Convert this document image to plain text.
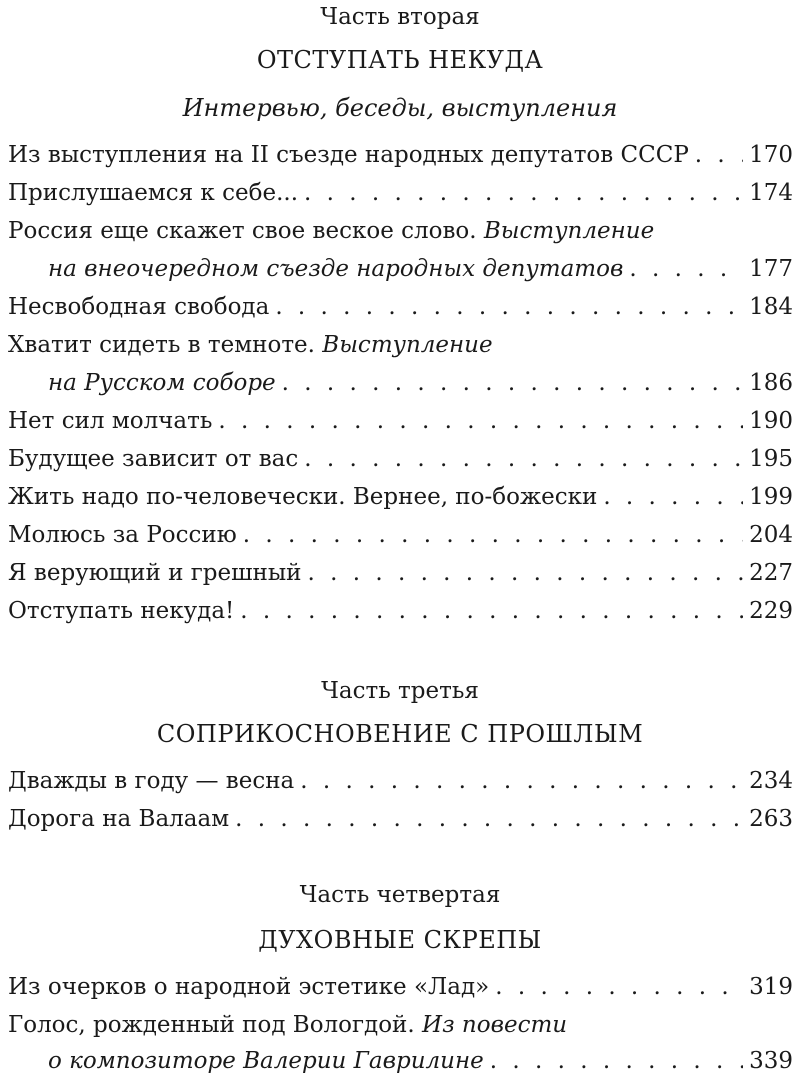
Часть вторая
ОТСТУПАТЬ НЕКУДА
Интервью, беседы, выступления
Из выступления на II съезде народных депутатов СССР . . .	170
Прислушаемся к себе... . . .	174
Россия еще скажет свое веское слово. Выступление
на внеочередном съезде народных депутатов . . .	177
Несвободная свобода . . .	184
Хватит сидеть в темноте. Выступление
на Русском соборе . . .	186
Нет сил молчать . . .	190
Будущее зависит от вас . . .	195
Жить надо по-человечески. Вернее, по-божески . . .	199
Молюсь за Россию . . .	204
Я верующий и грешный . . .	227
Отступать некуда! . . .	229
Часть третья
СОПРИКОСНОВЕНИЕ С ПРОШЛЫМ
Дважды в году — весна . . .	234
Дорога на Валаам . . .	263
Часть четвертая
ДУХОВНЫЕ СКРЕПЫ
Из очерков о народной эстетике «Лад» . . .	319
Голос, рожденный под Вологдой. Из повести
о композиторе Валерии Гаврилине . . .	339
